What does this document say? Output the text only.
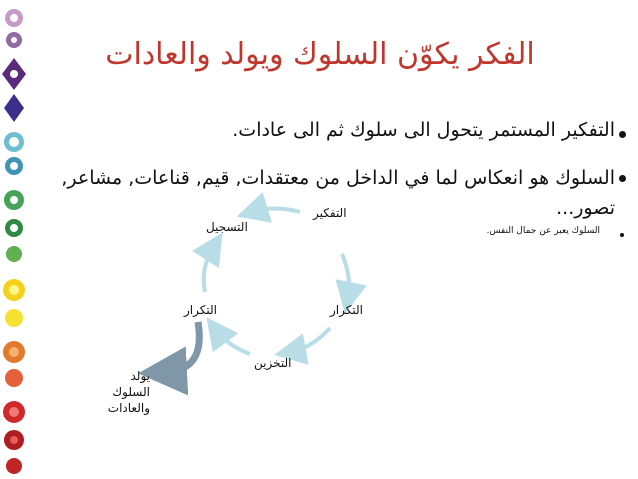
الفكر يكوّن السلوك ويولد والعادات
التفكير المستمر يتحول الى سلوك ثم الى عادات.
السلوك هو انعكاس لما في الداخل من معتقدات, قيم, قناعات, مشاعر, تصور...
السلوك يعبر عن جمال النفس.
التفكير
التسجيل
التكرار
التكرار
التخزين
يولد
السلوك
والعادات
